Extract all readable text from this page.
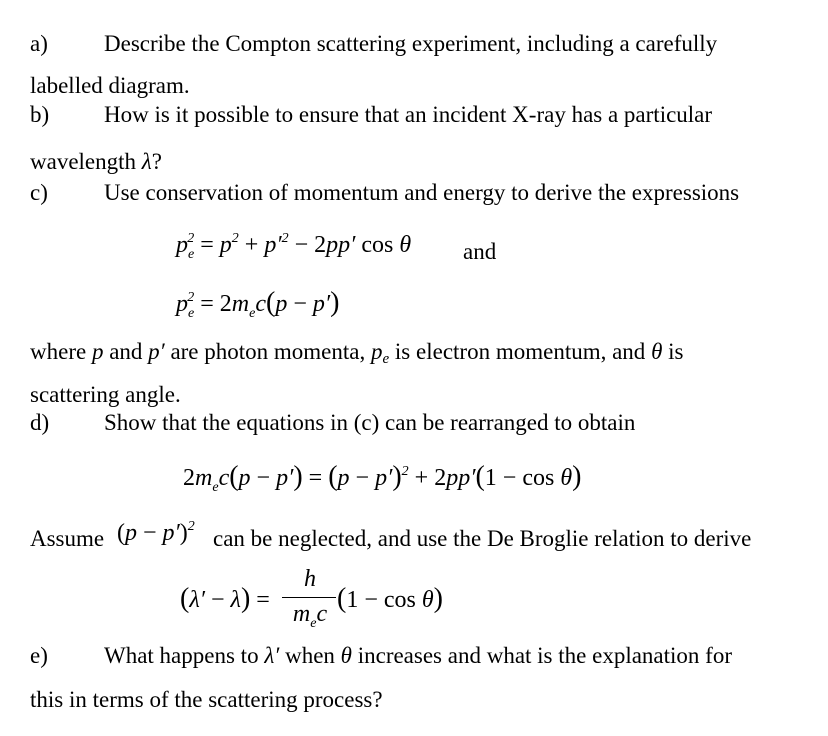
a) Describe the Compton scattering experiment, including a carefully
labelled diagram.
b) How is it possible to ensure that an incident X-ray has a particular
wavelength λ?
c) Use conservation of momentum and energy to derive the expressions
$p_e^2 = p^2 + p'^2 - 2pp'$ cos θ and
$p_e^2 = 2m_ec(p - p')$
where p and p′ are photon momenta, pe is electron momentum, and θ is
scattering angle.
d) Show that the equations in (c) can be rearranged to obtain
$2m_ec(p - p') = (p - p')^2 + 2pp'(1 - \cos \theta)$
Assume $(p - p')^2$ can be neglected, and use the De Broglie relation to derive
(λ′ − λ) =
h
$m_ec$ (1 − cos θ)
e) What happens to λ′ when θ increases and what is the explanation for
this in terms of the scattering process?
